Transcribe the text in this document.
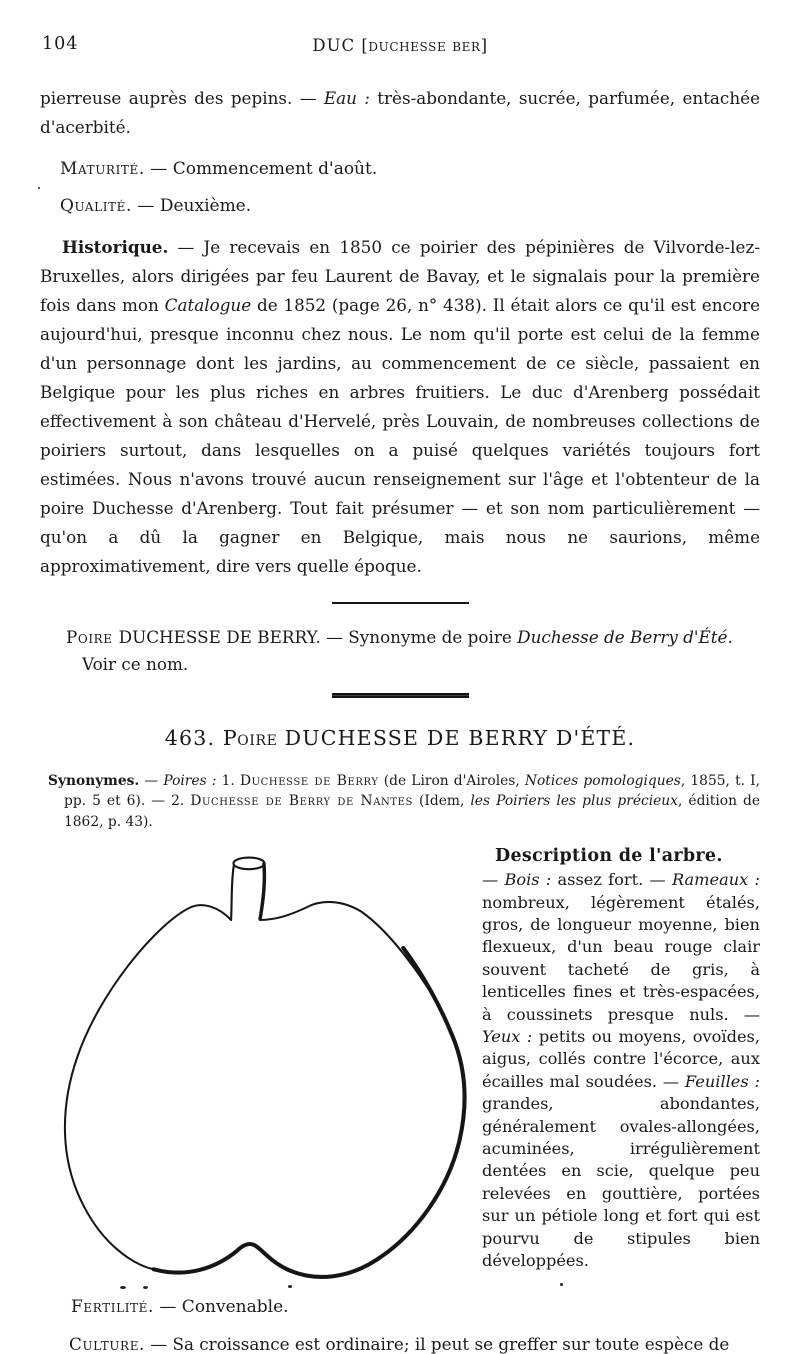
104	DUC [duchesse ber]

pierreuse auprès des pepins. — Eau : très-abondante, sucrée, parfumée, entachée d'acerbité.

Maturité. — Commencement d'août.

Qualité. — Deuxième.

Historique. — Je recevais en 1850 ce poirier des pépinières de Vilvorde-lez-Bruxelles, alors dirigées par feu Laurent de Bavay, et le signalais pour la première fois dans mon Catalogue de 1852 (page 26, n° 438). Il était alors ce qu'il est encore aujourd'hui, presque inconnu chez nous. Le nom qu'il porte est celui de la femme d'un personnage dont les jardins, au commencement de ce siècle, passaient en Belgique pour les plus riches en arbres fruitiers. Le duc d'Arenberg possédait effectivement à son château d'Hervelé, près Louvain, de nombreuses collections de poiriers surtout, dans lesquelles on a puisé quelques variétés toujours fort estimées. Nous n'avons trouvé aucun renseignement sur l'âge et l'obtenteur de la poire Duchesse d'Arenberg. Tout fait présumer — et son nom particulièrement — qu'on a dû la gagner en Belgique, mais nous ne saurions, même approximativement, dire vers quelle époque.

Poire DUCHESSE DE BERRY. — Synonyme de poire Duchesse de Berry d'Été.
Voir ce nom.
463. Poire DUCHESSE DE BERRY D'ÉTÉ.

Synonymes. — Poires : 1. Duchesse de Berry (de Liron d'Airoles, Notices pomologiques, 1855, t. I, pp. 5 et 6). — 2. Duchesse de Berry de Nantes (Idem, les Poiriers les plus précieux, édition de 1862, p. 43).

Description de l'arbre.

— Bois : assez fort. — Rameaux : nombreux, légèrement étalés, gros, de longueur moyenne, bien flexueux, d'un beau rouge clair souvent tacheté de gris, à lenticelles fines et très-espacées, à coussinets presque nuls. — Yeux : petits ou moyens, ovoïdes, aigus, collés contre l'écorce, aux écailles mal soudées. — Feuilles : grandes, abondantes, généralement ovales-allongées, acuminées, irrégulièrement dentées en scie, quelque peu relevées en gouttière, portées sur un pétiole long et fort qui est pourvu de stipules bien développées.

Fertilité. — Convenable.

Culture. — Sa croissance est ordinaire; il peut se greffer sur toute espèce de
